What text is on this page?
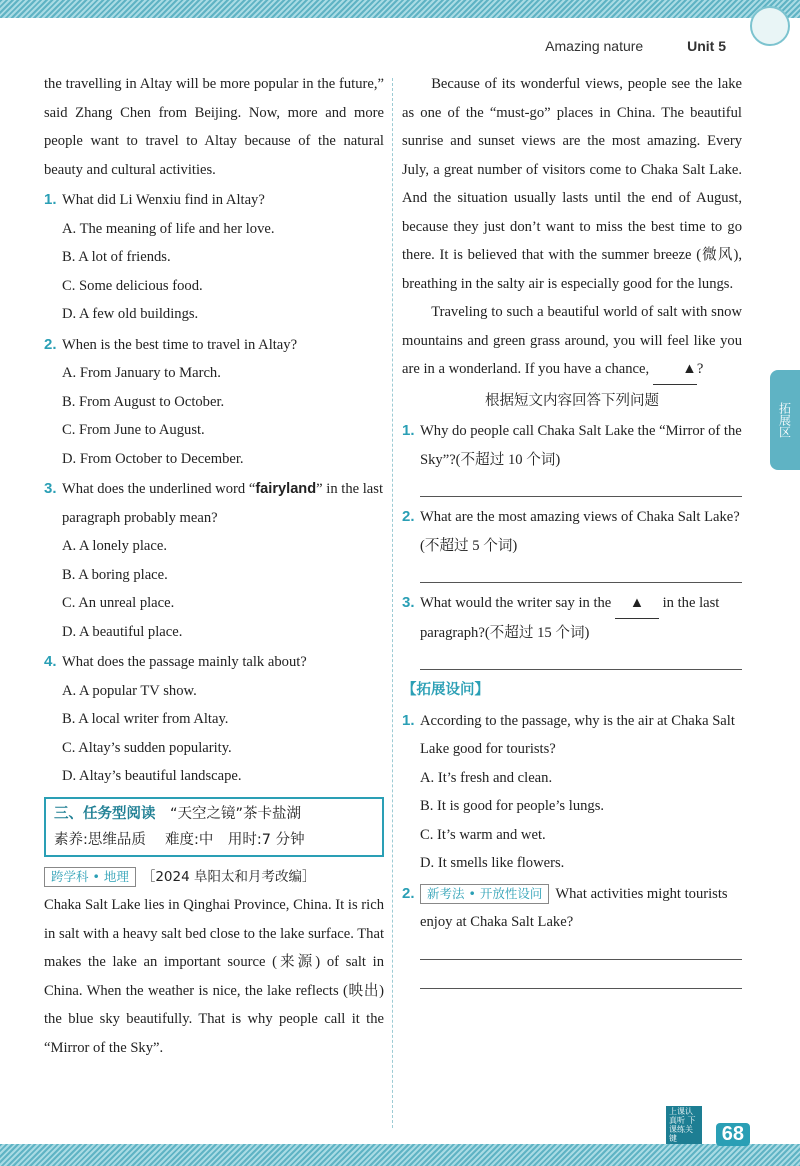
Amazing nature	Unit 5

the travelling in Altay will be more popular in the future,” said Zhang Chen from Beijing. Now, more and more people want to travel to Altay because of the natural beauty and cultural activities.

1. What did Li Wenxiu find in Altay?
A. The meaning of life and her love.
B. A lot of friends.
C. Some delicious food.
D. A few old buildings.
2. When is the best time to travel in Altay?
A. From January to March.
B. From August to October.
C. From June to August.
D. From October to December.
3. What does the underlined word “fairyland” in the last paragraph probably mean?
A. A lonely place.
B. A boring place.
C. An unreal place.
D. A beautiful place.
4. What does the passage mainly talk about?
A. A popular TV show.
B. A local writer from Altay.
C. Altay’s sudden popularity.
D. Altay’s beautiful landscape.
三、任务型阅读　 “天空之镜”茶卡盐湖
素养:思维品质　 难度:中　用时:7 分钟
跨学科 • 地理 ［2024 阜阳太和月考改编］

Chaka Salt Lake lies in Qinghai Province, China. It is rich in salt with a heavy salt bed close to the lake surface. That makes the lake an important source (来源) of salt in China. When the weather is nice, the lake reflects (映出) the blue sky beautifully. That is why people call it the “Mirror of the Sky”.

Because of its wonderful views, people see the lake as one of the “must-go” places in China. The beautiful sunrise and sunset views are the most amazing. Every July, a great number of visitors come to Chaka Salt Lake. And the situation usually lasts until the end of August, because they just don’t want to miss the best time to go there. It is believed that with the summer breeze (微风), breathing in the salty air is especially good for the lungs.

Traveling to such a beautiful world of salt with snow mountains and green grass around, you will feel like you are in a wonderland. If you have a chance, ▲?

根据短文内容回答下列问题
1. Why do people call Chaka Salt Lake the “Mirror of the Sky”?(不超过 10 个词)
2. What are the most amazing views of Chaka Salt Lake?(不超过 5 个词)
3. What would the writer say in the ▲ in the last paragraph?(不超过 15 个词)
【拓展设问】
1. According to the passage, why is the air at Chaka Salt Lake good for tourists?
A. It’s fresh and clean.
B. It is good for people’s lungs.
C. It’s warm and wet.
D. It smells like flowers.
2. 新考法 • 开放性设问 What activities might tourists enjoy at Chaka Salt Lake?
拓展区
上课认真听 下课练关键	68
